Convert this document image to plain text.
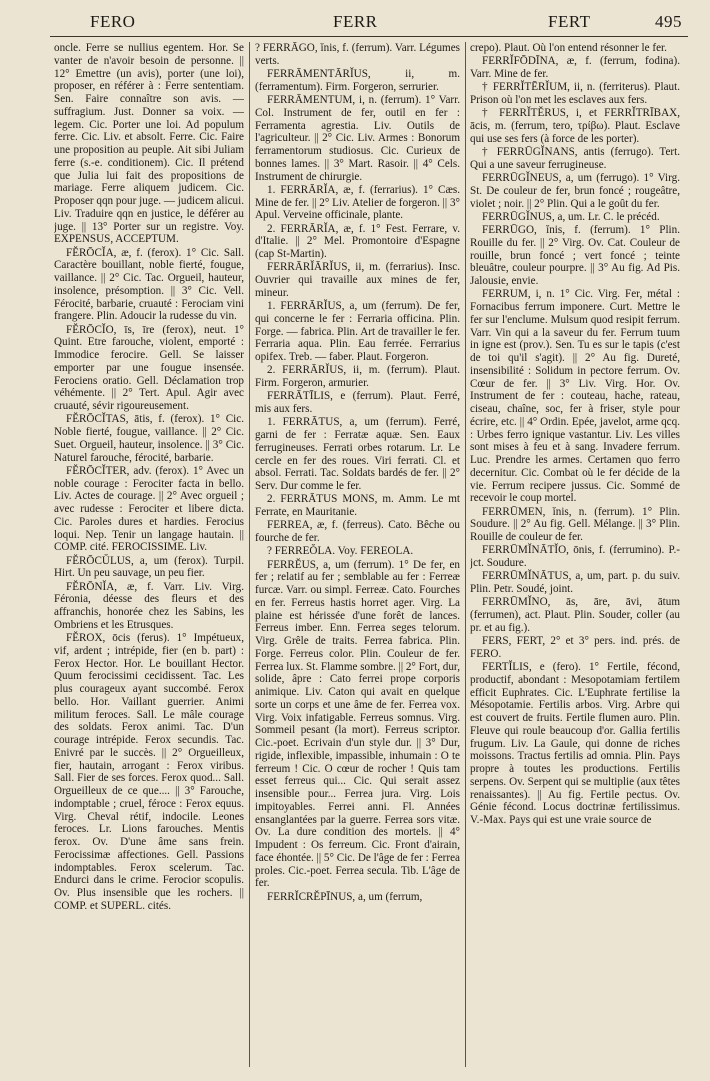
FERO	FERR	FERT	495

oncle. Ferre se nullius egentem. Hor. Se vanter de n'avoir besoin de personne. || 12° Emettre (un avis), porter (une loi), proposer, en référer à : Ferre sententiam. Sen. Faire connaître son avis. — suffragium. Just. Donner sa voix. — legem. Cic. Porter une loi. Ad populum ferre. Cic. Liv. et absolt. Ferre. Cic. Faire une proposition au peuple. Ait sibi Juliam ferre (s.-e. conditionem). Cic. Il prétend que Julia lui fait des propositions de mariage. Ferre aliquem judicem. Cic. Proposer qqn pour juge. — judicem alicui. Liv. Traduire qqn en justice, le déférer au juge. || 13° Porter sur un registre. Voy. EXPENSUS, ACCEPTUM.

FĔRŌCĬA, æ, f. (ferox). 1° Cic. Sall. Caractère bouillant, noble fierté, fougue, vaillance. || 2° Cic. Tac. Orgueil, hauteur, insolence, présomption. || 3° Cic. Vell. Férocité, barbarie, cruauté : Ferociam vini frangere. Plin. Adoucir la rudesse du vin.

FĔRŌCĬO, īs, īre (ferox), neut. 1° Quint. Etre farouche, violent, emporté : Immodice ferocire. Gell. Se laisser emporter par une fougue insensée. Ferociens oratio. Gell. Déclamation trop véhémente. || 2° Tert. Apul. Agir avec cruauté, sévir rigoureusement.

FĔRŌCĬTAS, ātis, f. (ferox). 1° Cic. Noble fierté, fougue, vaillance. || 2° Cic. Suet. Orgueil, hauteur, insolence. || 3° Cic. Naturel farouche, férocité, barbarie.

FĔRŌCĬTER, adv. (ferox). 1° Avec un noble courage : Ferociter facta in bello. Liv. Actes de courage. || 2° Avec orgueil ; avec rudesse : Ferociter et libere dicta. Cic. Paroles dures et hardies. Ferocius loqui. Nep. Tenir un langage hautain. || COMP. cité. FEROCISSIME. Liv.

FĔRŌCŬLUS, a, um (ferox). Turpil. Hirt. Un peu sauvage, un peu fier.

FĔRŌNĬA, æ, f. Varr. Liv. Virg. Féronia, déesse des fleurs et des affranchis, honorée chez les Sabins, les Ombriens et les Etrusques.

FĔROX, ōcis (ferus). 1° Impétueux, vif, ardent ; intrépide, fier (en b. part) : Ferox Hector. Hor. Le bouillant Hector. Quum ferocissimi cecidissent. Tac. Les plus courageux ayant succombé. Ferox bello. Hor. Vaillant guerrier. Animi militum feroces. Sall. Le mâle courage des soldats. Ferox animi. Tac. D'un courage intrépide. Ferox secundis. Tac. Enivré par le succès. || 2° Orgueilleux, fier, hautain, arrogant : Ferox viribus. Sall. Fier de ses forces. Ferox quod... Sall. Orgueilleux de ce que.... || 3° Farouche, indomptable ; cruel, féroce : Ferox equus. Virg. Cheval rétif, indocile. Leones feroces. Lr. Lions farouches. Mentis ferox. Ov. D'une âme sans frein. Ferocissimæ affectiones. Gell. Passions indomptables. Ferox scelerum. Tac. Endurci dans le crime. Ferocior scopulis. Ov. Plus insensible que les rochers. || COMP. et SUPERL. cités.

? FERRĀGO, ĭnis, f. (ferrum). Varr. Légumes verts.

FERRĀMENTĀRĬUS, ii, m. (ferramentum). Firm. Forgeron, serrurier.

FERRĀMENTUM, i, n. (ferrum). 1° Varr. Col. Instrument de fer, outil en fer : Ferramenta agrestia. Liv. Outils de l'agriculteur. || 2° Cic. Liv. Armes : Bonorum ferramentorum studiosus. Cic. Curieux de bonnes lames. || 3° Mart. Rasoir. || 4° Cels. Instrument de chirurgie.

1. FERRĀRĬA, æ, f. (ferrarius). 1° Cæs. Mine de fer. || 2° Liv. Atelier de forgeron. || 3° Apul. Verveine officinale, plante.

2. FERRĀRĬA, æ, f. 1° Fest. Ferrare, v. d'Italie. || 2° Mel. Promontoire d'Espagne (cap St-Martin).

FERRĀRĬĀRĬUS, ii, m. (ferrarius). Insc. Ouvrier qui travaille aux mines de fer, mineur.

1. FERRĀRĬUS, a, um (ferrum). De fer, qui concerne le fer : Ferraria officina. Plin. Forge. — fabrica. Plin. Art de travailler le fer. Ferraria aqua. Plin. Eau ferrée. Ferrarius opifex. Treb. — faber. Plaut. Forgeron.

2. FERRĀRĬUS, ii, m. (ferrum). Plaut. Firm. Forgeron, armurier.

FERRĀTĪLIS, e (ferrum). Plaut. Ferré, mis aux fers.

1. FERRĀTUS, a, um (ferrum). Ferré, garni de fer : Ferratæ aquæ. Sen. Eaux ferrugineuses. Ferrati orbes rotarum. Lr. Le cercle en fer des roues. Viri ferrati. Cl. et absol. Ferrati. Tac. Soldats bardés de fer. || 2° Serv. Dur comme le fer.

2. FERRĀTUS MONS, m. Amm. Le mt Ferrate, en Mauritanie.

FERREA, æ, f. (ferreus). Cato. Bêche ou fourche de fer.

? FERREŎLA. Voy. FEREOLA.

FERRĔUS, a, um (ferrum). 1° De fer, en fer ; relatif au fer ; semblable au fer : Ferreæ furcæ. Varr. ou simpl. Ferreæ. Cato. Fourches en fer. Ferreus hastis horret ager. Virg. La plaine est hérissée d'une forêt de lances. Ferreus imber. Enn. Ferrea seges telorum. Virg. Grêle de traits. Ferrea fabrica. Plin. Forge. Ferreus color. Plin. Couleur de fer. Ferrea lux. St. Flamme sombre. || 2° Fort, dur, solide, âpre : Cato ferrei prope corporis animique. Liv. Caton qui avait en quelque sorte un corps et une âme de fer. Ferrea vox. Virg. Voix infatigable. Ferreus somnus. Virg. Sommeil pesant (la mort). Ferreus scriptor. Cic.-poet. Ecrivain d'un style dur. || 3° Dur, rigide, inflexible, impassible, inhumain : O te ferreum ! Cic. O cœur de rocher ! Quis tam esset ferreus qui... Cic. Qui serait assez insensible pour... Ferrea jura. Virg. Lois impitoyables. Ferrei anni. Fl. Années ensanglantées par la guerre. Ferrea sors vitæ. Ov. La dure condition des mortels. || 4° Impudent : Os ferreum. Cic. Front d'airain, face éhontée. || 5° Cic. De l'âge de fer : Ferrea proles. Cic.-poet. Ferrea secula. Tib. L'âge de fer.

FERRĬCRĔPĪNUS, a, um (ferrum,

crepo). Plaut. Où l'on entend résonner le fer.

FERRĬFŌDĪNA, æ, f. (ferrum, fodina). Varr. Mine de fer.

† FERRĬTĒRĬUM, ii, n. (ferriterus). Plaut. Prison où l'on met les esclaves aux fers.

† FERRĬTĔRUS, i, et FERRĬTRĪBAX, ācis, m. (ferrum, tero, τρίβω). Plaut. Esclave qui use ses fers (à force de les porter).

† FERRŪGĬNANS, antis (ferrugo). Tert. Qui a une saveur ferrugineuse.

FERRŪGĬNEUS, a, um (ferrugo). 1° Virg. St. De couleur de fer, brun foncé ; rougeâtre, violet ; noir. || 2° Plin. Qui a le goût du fer.

FERRŪGĬNUS, a, um. Lr. C. le précéd.

FERRŪGO, ĭnis, f. (ferrum). 1° Plin. Rouille du fer. || 2° Virg. Ov. Cat. Couleur de rouille, brun foncé ; vert foncé ; teinte bleuâtre, couleur pourpre. || 3° Au fig. Ad Pis. Jalousie, envie.

FERRUM, i, n. 1° Cic. Virg. Fer, métal : Fornacibus ferrum imponere. Curt. Mettre le fer sur l'enclume. Mulsum quod resipit ferrum. Varr. Vin qui a la saveur du fer. Ferrum tuum in igne est (prov.). Sen. Tu es sur le tapis (c'est de toi qu'il s'agit). || 2° Au fig. Dureté, insensibilité : Solidum in pectore ferrum. Ov. Cœur de fer. || 3° Liv. Virg. Hor. Ov. Instrument de fer : couteau, hache, rateau, ciseau, chaîne, soc, fer à friser, style pour écrire, etc. || 4° Ordin. Epée, javelot, arme qcq. : Urbes ferro ignique vastantur. Liv. Les villes sont mises à feu et à sang. Invadere ferrum. Luc. Prendre les armes. Certamen quo ferro decernitur. Cic. Combat où le fer décide de la vie. Ferrum recipere jussus. Cic. Sommé de recevoir le coup mortel.

FERRŪMEN, ĭnis, n. (ferrum). 1° Plin. Soudure. || 2° Au fig. Gell. Mélange. || 3° Plin. Rouille de couleur de fer.

FERRŪMĬNĀTĬO, ōnis, f. (ferrumino). P.-jct. Soudure.

FERRŪMĬNĀTUS, a, um, part. p. du suiv. Plin. Petr. Soudé, joint.

FERRŪMĬNO, ās, āre, āvi, ātum (ferrumen), act. Plaut. Plin. Souder, coller (au pr. et au fig.).

FERS, FERT, 2° et 3° pers. ind. prés. de FERO.

FERTĬLIS, e (fero). 1° Fertile, fécond, productif, abondant : Mesopotamiam fertilem efficit Euphrates. Cic. L'Euphrate fertilise la Mésopotamie. Fertilis arbos. Virg. Arbre qui est couvert de fruits. Fertile flumen auro. Plin. Fleuve qui roule beaucoup d'or. Gallia fertilis frugum. Liv. La Gaule, qui donne de riches moissons. Tractus fertilis ad omnia. Plin. Pays propre à toutes les productions. Fertilis serpens. Ov. Serpent qui se multiplie (aux têtes renaissantes). || Au fig. Fertile pectus. Ov. Génie fécond. Locus doctrinæ fertilissimus. V.-Max. Pays qui est une vraie source de
